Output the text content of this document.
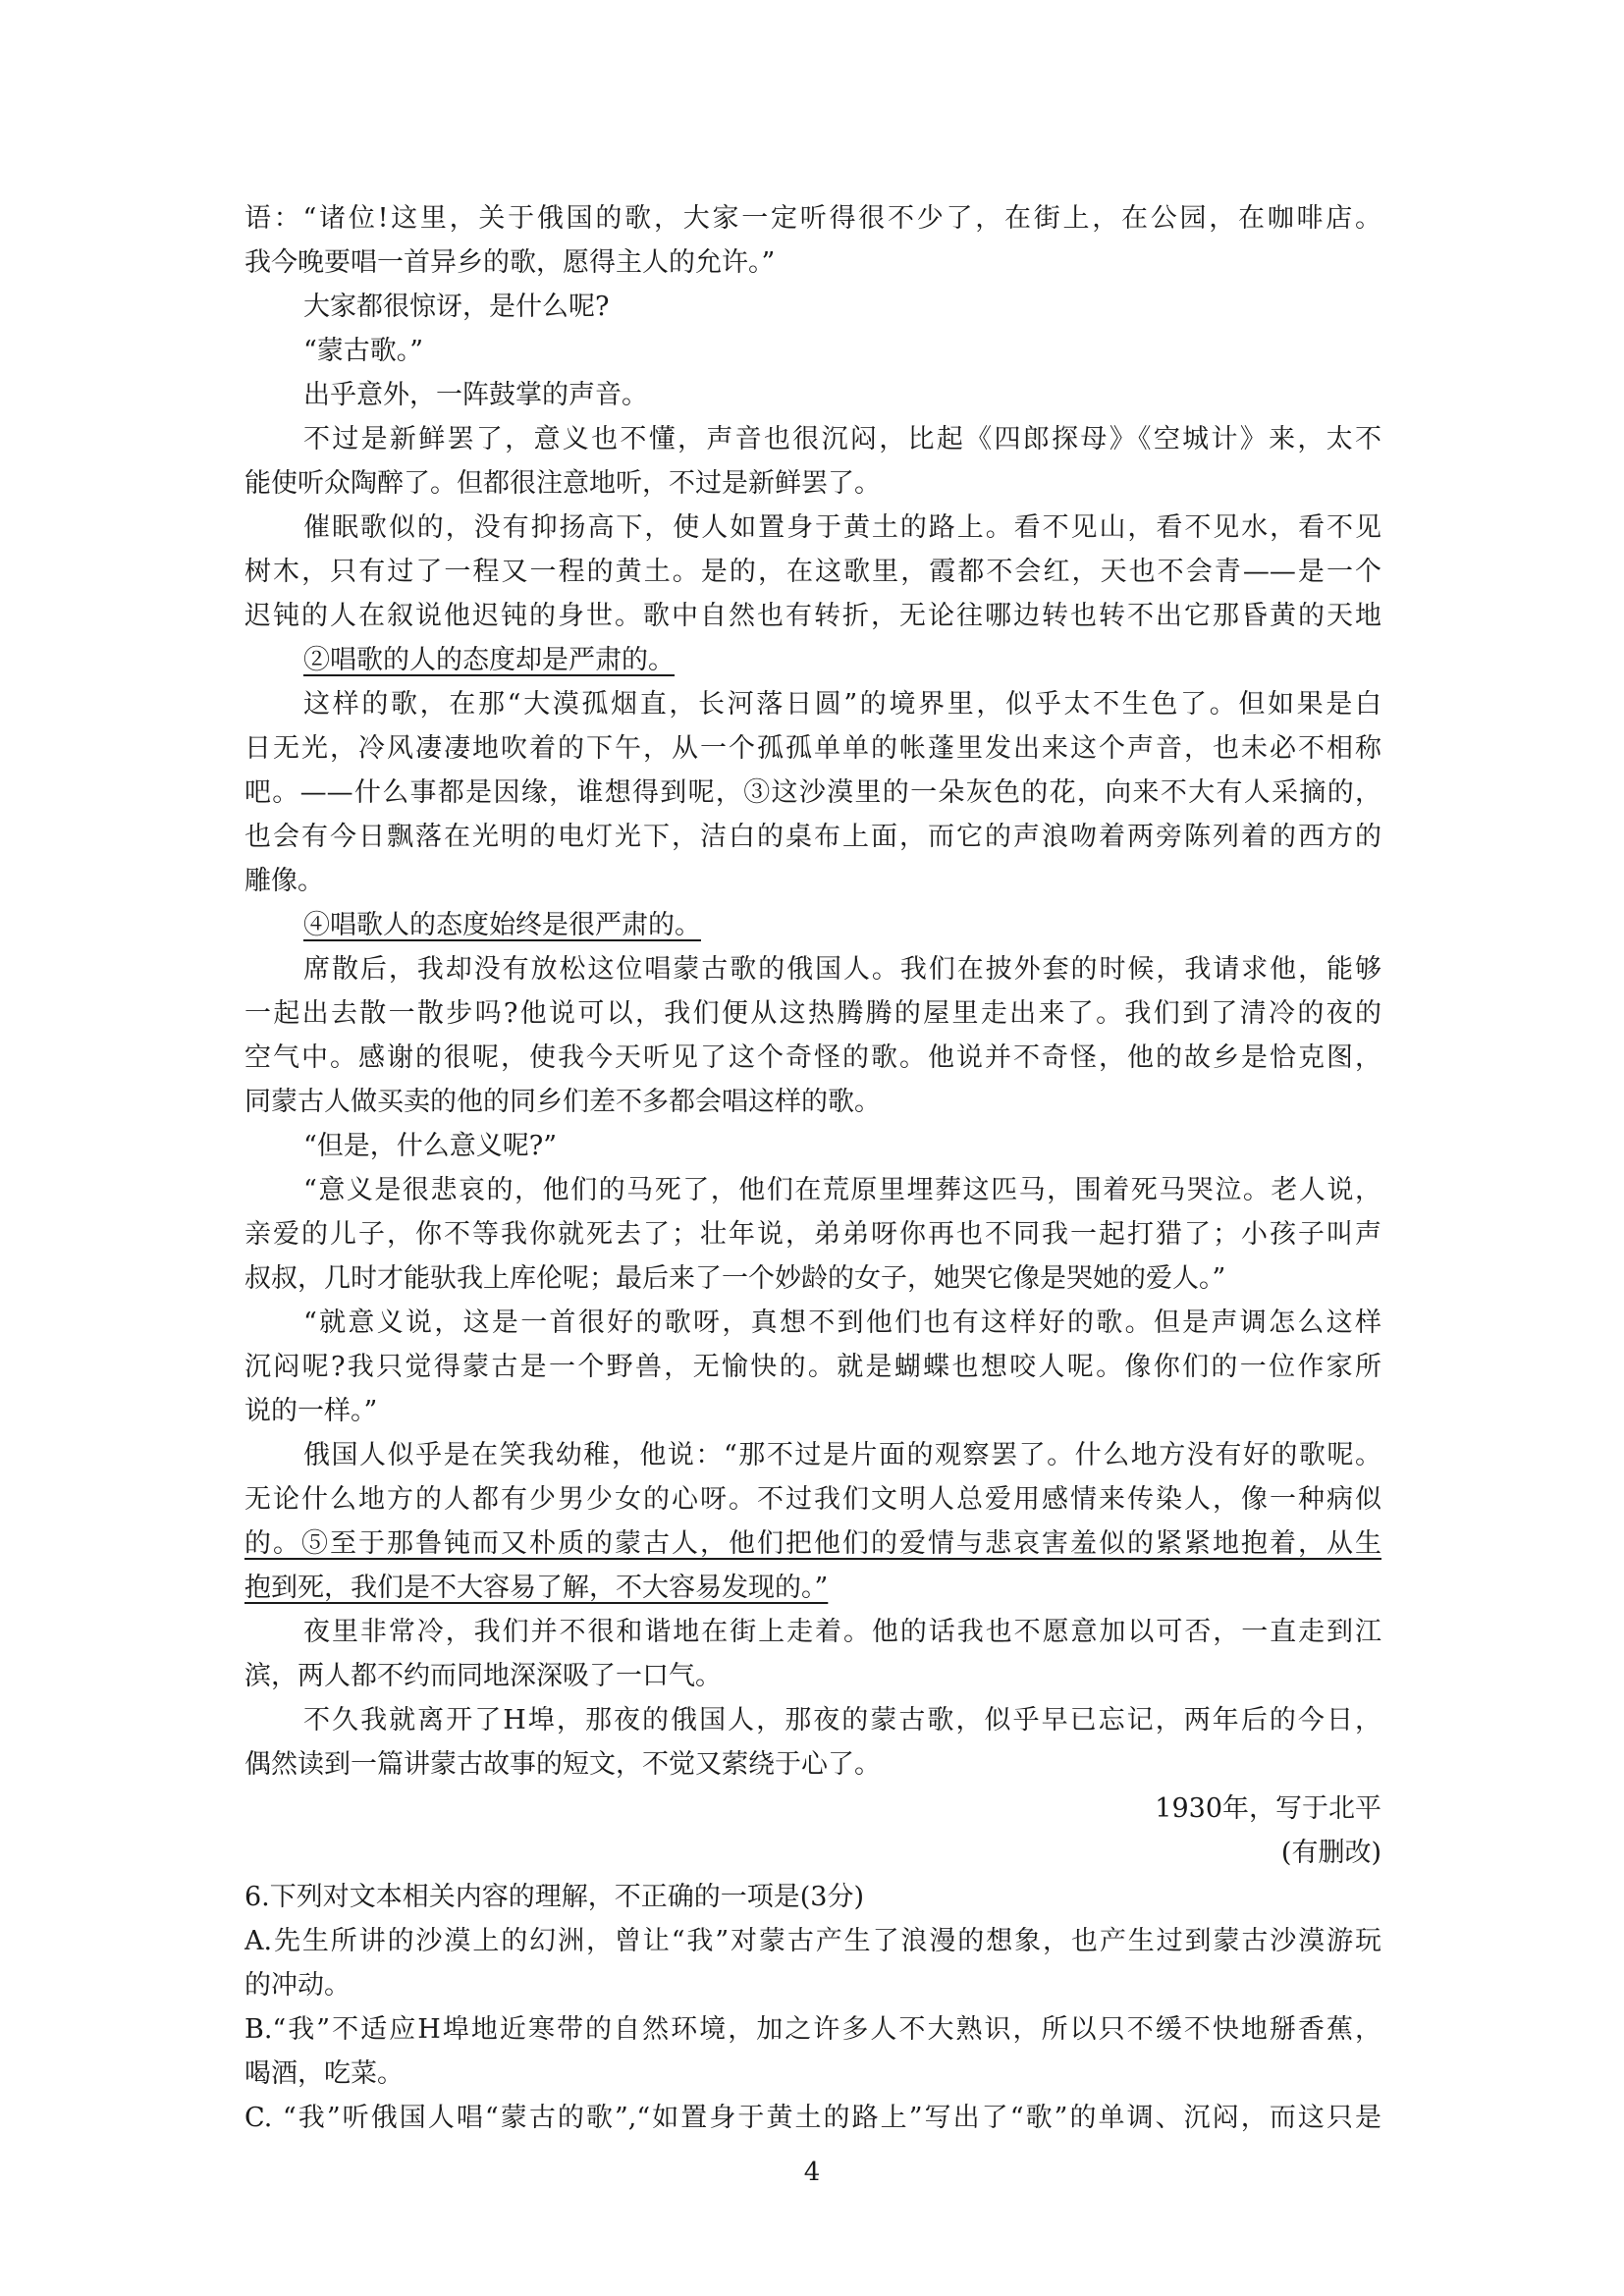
语：“诸位!这里，关于俄国的歌，大家一定听得很不少了，在街上，在公园，在咖啡店。
我今晚要唱一首异乡的歌，愿得主人的允许。”
大家都很惊讶，是什么呢?
“蒙古歌。”
出乎意外，一阵鼓掌的声音。
不过是新鲜罢了，意义也不懂，声音也很沉闷，比起《四郎探母》《空城计》来，太不
能使听众陶醉了。但都很注意地听，不过是新鲜罢了。
催眠歌似的，没有抑扬高下，使人如置身于黄土的路上。看不见山，看不见水，看不见
树木，只有过了一程又一程的黄土。是的，在这歌里，霞都不会红，天也不会青——是一个
迟钝的人在叙说他迟钝的身世。歌中自然也有转折，无论往哪边转也转不出它那昏黄的天地
②唱歌的人的态度却是严肃的。
这样的歌，在那“大漠孤烟直，长河落日圆”的境界里，似乎太不生色了。但如果是白
日无光，冷风凄凄地吹着的下午，从一个孤孤单单的帐蓬里发出来这个声音，也未必不相称
吧。——什么事都是因缘，谁想得到呢，③这沙漠里的一朵灰色的花，向来不大有人采摘的，
也会有今日飘落在光明的电灯光下，洁白的桌布上面，而它的声浪吻着两旁陈列着的西方的
雕像。
④唱歌人的态度始终是很严肃的。
席散后，我却没有放松这位唱蒙古歌的俄国人。我们在披外套的时候，我请求他，能够
一起出去散一散步吗?他说可以，我们便从这热腾腾的屋里走出来了。我们到了清冷的夜的
空气中。感谢的很呢，使我今天听见了这个奇怪的歌。他说并不奇怪，他的故乡是恰克图，
同蒙古人做买卖的他的同乡们差不多都会唱这样的歌。
“但是，什么意义呢?”
“意义是很悲哀的，他们的马死了，他们在荒原里埋葬这匹马，围着死马哭泣。老人说，
亲爱的儿子，你不等我你就死去了；壮年说，弟弟呀你再也不同我一起打猎了；小孩子叫声
叔叔，几时才能驮我上库伦呢；最后来了一个妙龄的女子，她哭它像是哭她的爱人。”
“就意义说，这是一首很好的歌呀，真想不到他们也有这样好的歌。但是声调怎么这样
沉闷呢?我只觉得蒙古是一个野兽，无愉快的。就是蝴蝶也想咬人呢。像你们的一位作家所
说的一样。”
俄国人似乎是在笑我幼稚，他说：“那不过是片面的观察罢了。什么地方没有好的歌呢。
无论什么地方的人都有少男少女的心呀。不过我们文明人总爱用感情来传染人，像一种病似
的。⑤至于那鲁钝而又朴质的蒙古人，他们把他们的爱情与悲哀害羞似的紧紧地抱着，从生
抱到死，我们是不大容易了解，不大容易发现的。”
夜里非常冷，我们并不很和谐地在街上走着。他的话我也不愿意加以可否，一直走到江
滨，两人都不约而同地深深吸了一口气。
不久我就离开了H埠，那夜的俄国人，那夜的蒙古歌，似乎早已忘记，两年后的今日，
偶然读到一篇讲蒙古故事的短文，不觉又萦绕于心了。
1930年，写于北平
(有删改)
6.下列对文本相关内容的理解，不正确的一项是(3分)
A.先生所讲的沙漠上的幻洲，曾让“我”对蒙古产生了浪漫的想象，也产生过到蒙古沙漠游玩
的冲动。
B.“我”不适应H埠地近寒带的自然环境，加之许多人不大熟识，所以只不缓不快地掰香蕉，
喝酒，吃菜。
C. “我”听俄国人唱“蒙古的歌”,“如置身于黄土的路上”写出了“歌”的单调、沉闷，而这只是
4
